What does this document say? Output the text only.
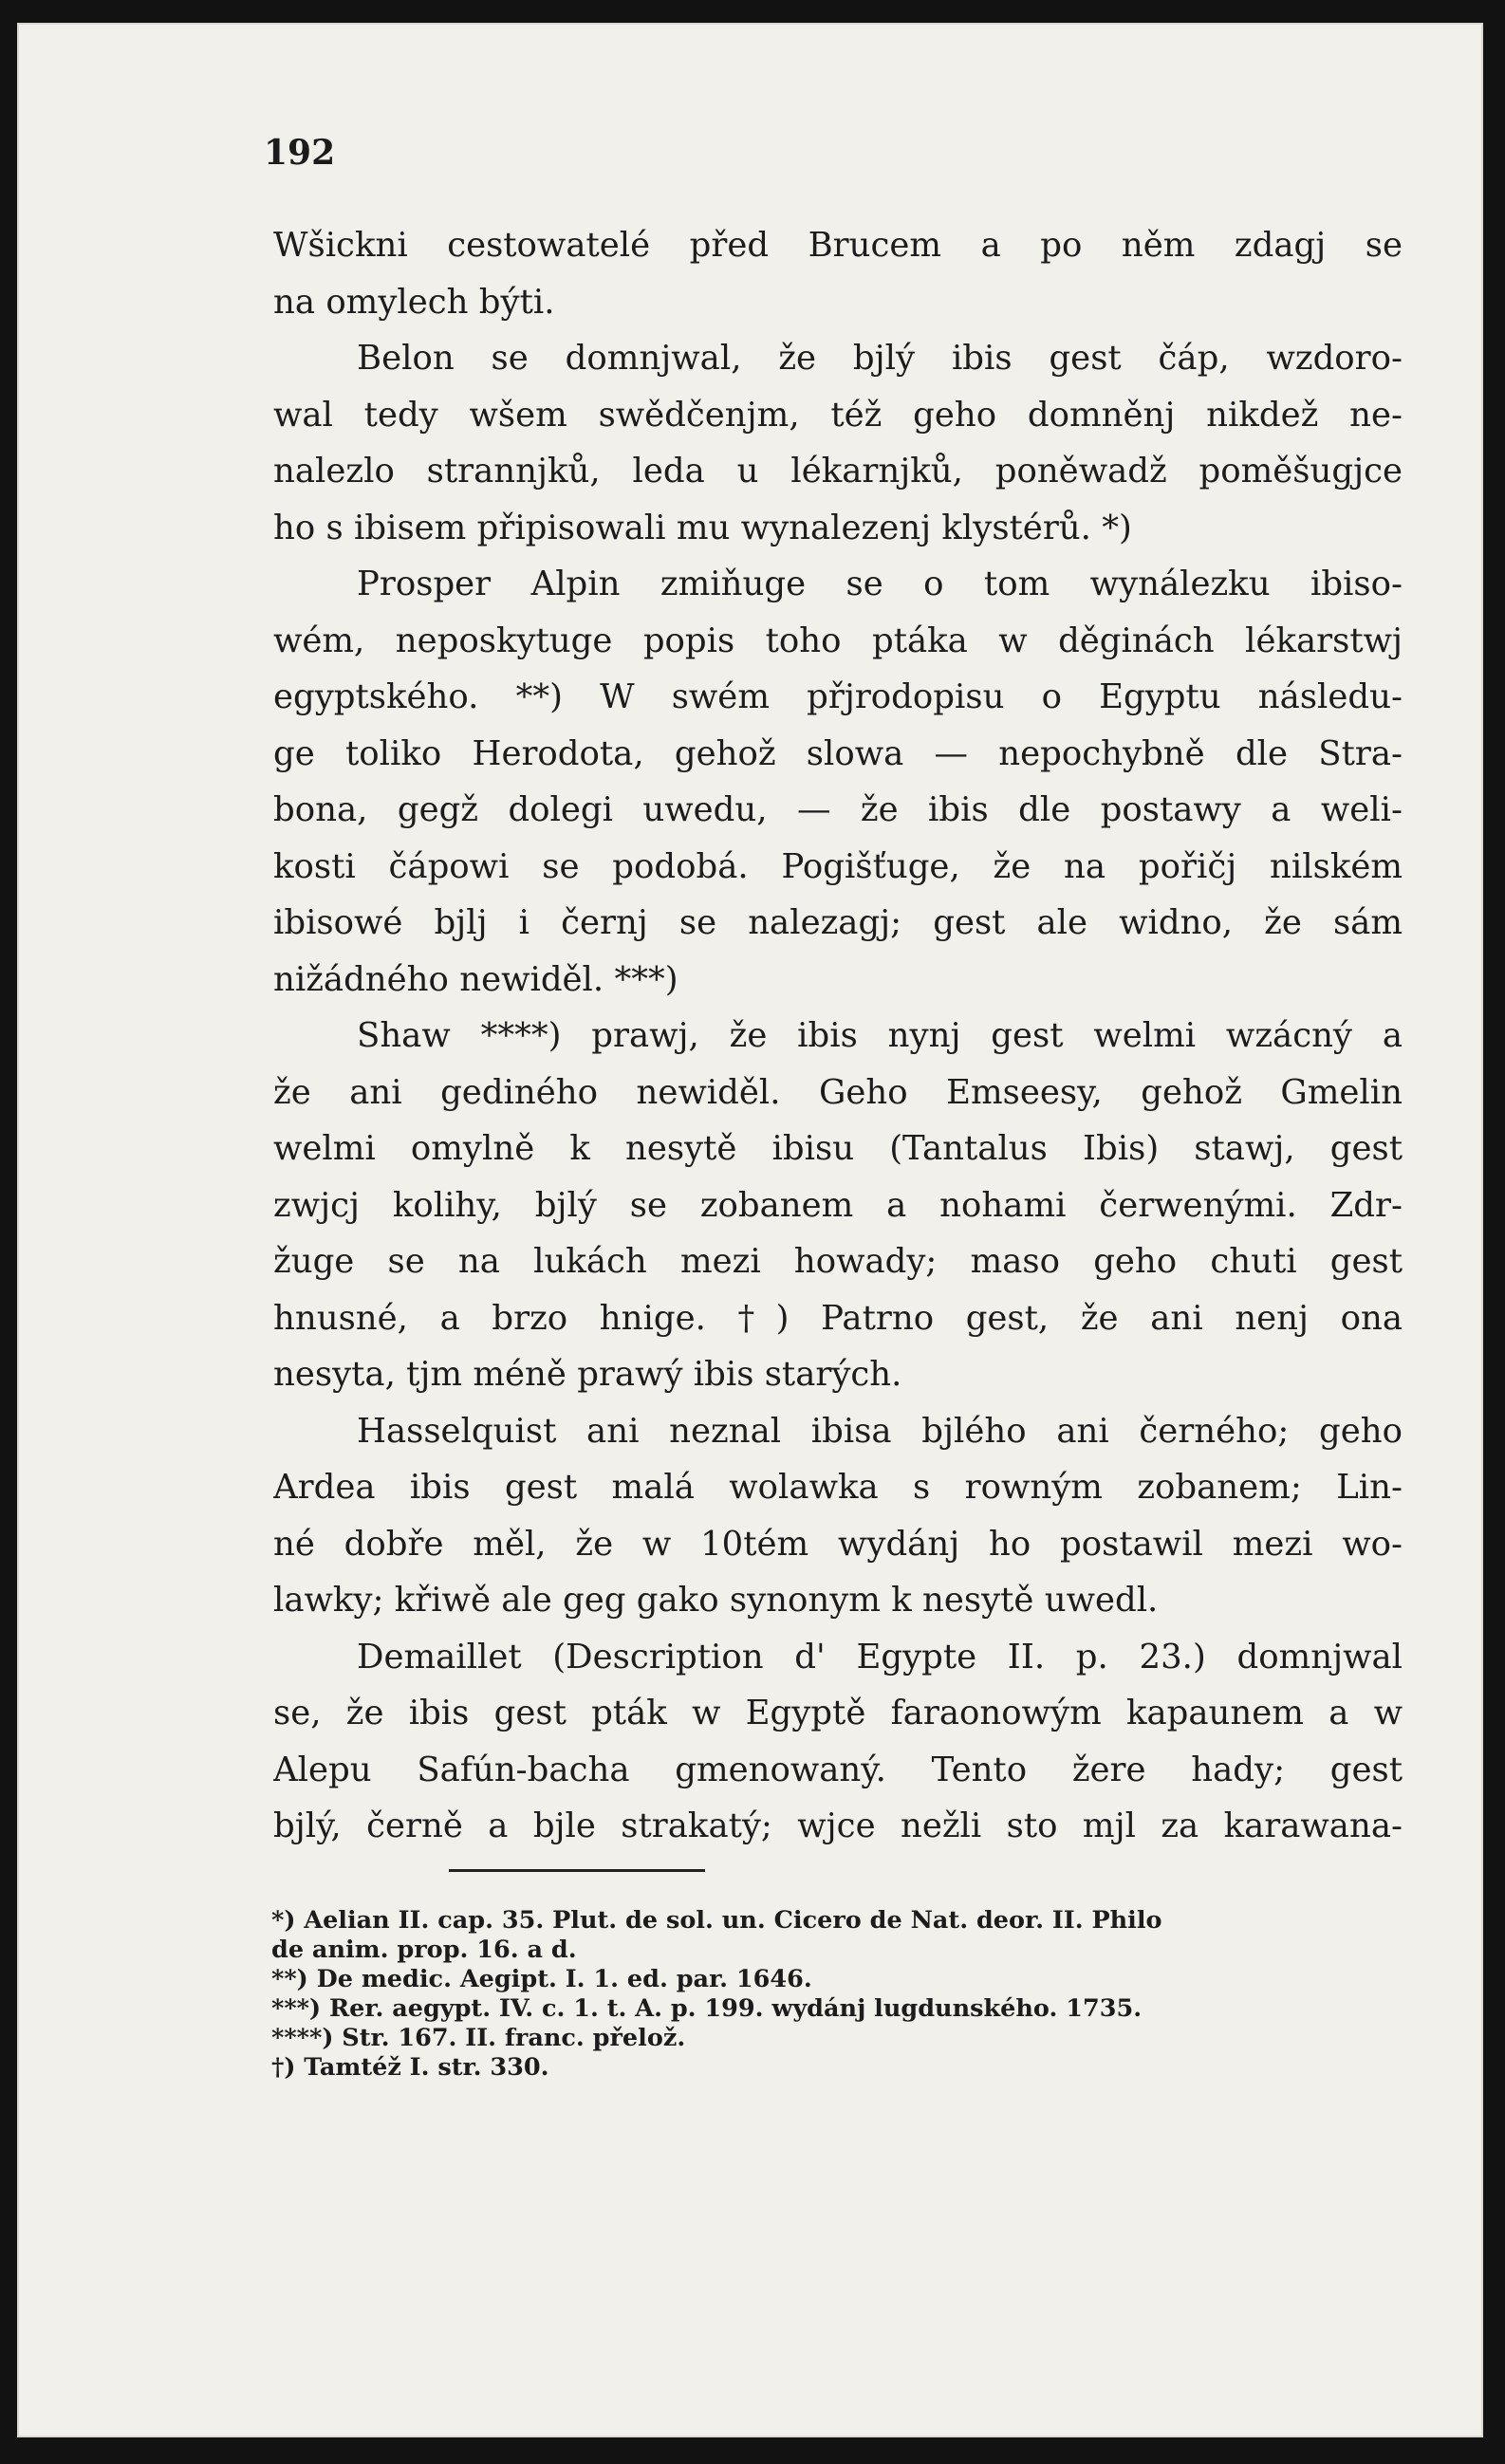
192
Wšickni cestowatelé před Brucem a po něm zdagj se
na omylech býti.
Belon se domnjwal, že bjlý ibis gest čáp, wzdoro-
wal tedy wšem swědčenjm, též geho domněnj nikdež ne-
nalezlo strannjků, leda u lékarnjků, poněwadž poměšugjce
ho s ibisem připisowali mu wynalezenj klystérů. *)
Prosper Alpin zmiňuge se o tom wynálezku ibiso-
wém, neposkytuge popis toho ptáka w děginách lékarstwj
egyptského. **) W swém přjrodopisu o Egyptu následu-
ge toliko Herodota, gehož slowa — nepochybně dle Stra-
bona, gegž dolegi uwedu, — že ibis dle postawy a weli-
kosti čápowi se podobá. Pogišťuge, že na pořičj nilském
ibisowé bjlj i černj se nalezagj; gest ale widno, že sám
nižádného newiděl. ***)
Shaw ****) prawj, že ibis nynj gest welmi wzácný a
že ani gediného newiděl. Geho Emseesy, gehož Gmelin
welmi omylně k nesytě ibisu (Tantalus Ibis) stawj, gest
zwjcj kolihy, bjlý se zobanem a nohami čerwenými. Zdr-
žuge se na lukách mezi howady; maso geho chuti gest
hnusné, a brzo hnige. †) Patrno gest, že ani nenj ona
nesyta, tjm méně prawý ibis starých.
Hasselquist ani neznal ibisa bjlého ani černého; geho
Ardea ibis gest malá wolawka s rowným zobanem; Lin-
né dobře měl, že w 10tém wydánj ho postawil mezi wo-
lawky; křiwě ale geg gako synonym k nesytě uwedl.
Demaillet (Description d' Egypte II. p. 23.) domnjwal
se, že ibis gest pták w Egyptě faraonowým kapaunem a w
Alepu Safún-bacha gmenowaný. Tento žere hady; gest
bjlý, černě a bjle strakatý; wjce nežli sto mjl za karawana-
*) Aelian II. cap. 35. Plut. de sol. un. Cicero de Nat. deor. II. Philo
de anim. prop. 16. a d.
**) De medic. Aegipt. I. 1. ed. par. 1646.
***) Rer. aegypt. IV. c. 1. t. A. p. 199. wydánj lugdunského. 1735.
****) Str. 167. II. franc. přelož.
†) Tamtéž I. str. 330.
